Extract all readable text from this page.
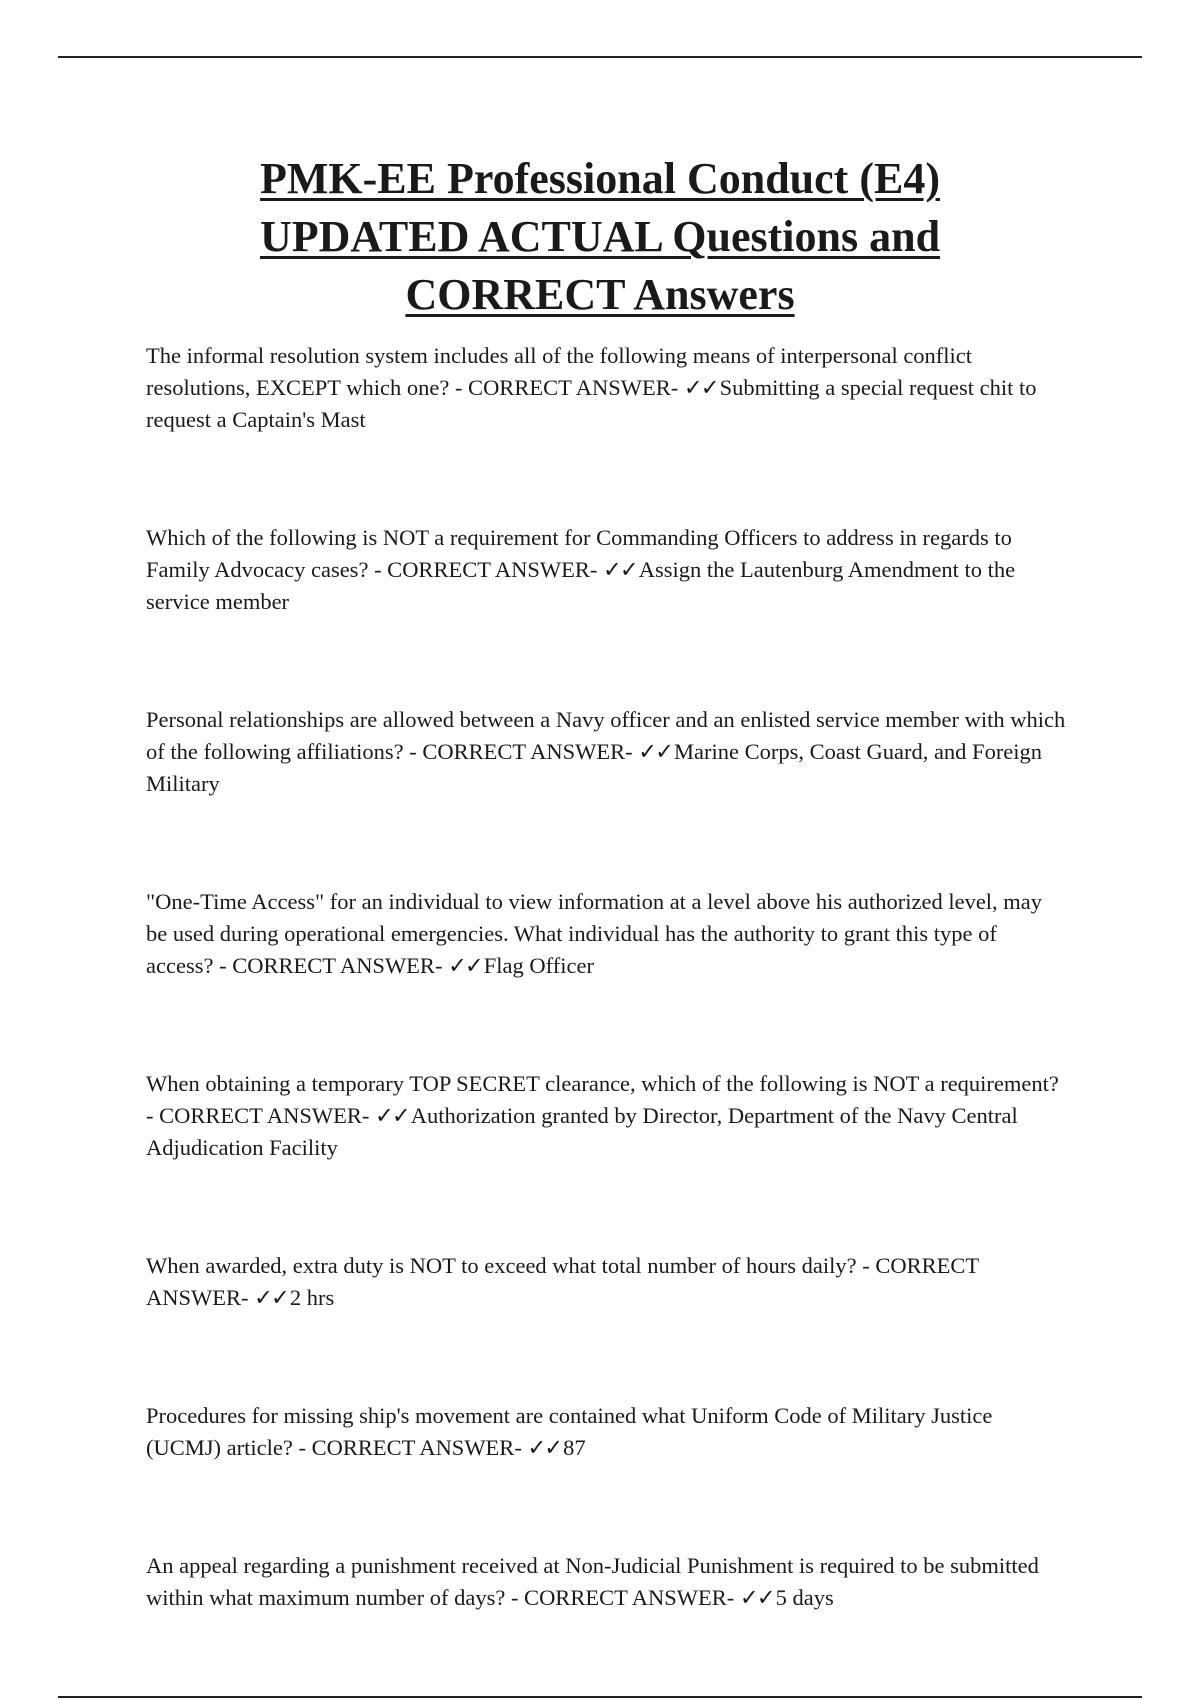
PMK-EE Professional Conduct (E4)
UPDATED ACTUAL Questions and
CORRECT Answers

The informal resolution system includes all of the following means of interpersonal conflict resolutions, EXCEPT which one? - CORRECT ANSWER- ✓✓Submitting a special request chit to request a Captain's Mast

Which of the following is NOT a requirement for Commanding Officers to address in regards to Family Advocacy cases? - CORRECT ANSWER- ✓✓Assign the Lautenburg Amendment to the service member

Personal relationships are allowed between a Navy officer and an enlisted service member with which of the following affiliations? - CORRECT ANSWER- ✓✓Marine Corps, Coast Guard, and Foreign Military

"One-Time Access" for an individual to view information at a level above his authorized level, may be used during operational emergencies. What individual has the authority to grant this type of access? - CORRECT ANSWER- ✓✓Flag Officer

When obtaining a temporary TOP SECRET clearance, which of the following is NOT a requirement? - CORRECT ANSWER- ✓✓Authorization granted by Director, Department of the Navy Central Adjudication Facility

When awarded, extra duty is NOT to exceed what total number of hours daily? - CORRECT ANSWER- ✓✓2 hrs

Procedures for missing ship's movement are contained what Uniform Code of Military Justice (UCMJ) article? - CORRECT ANSWER- ✓✓87

An appeal regarding a punishment received at Non-Judicial Punishment is required to be submitted within what maximum number of days? - CORRECT ANSWER- ✓✓5 days
